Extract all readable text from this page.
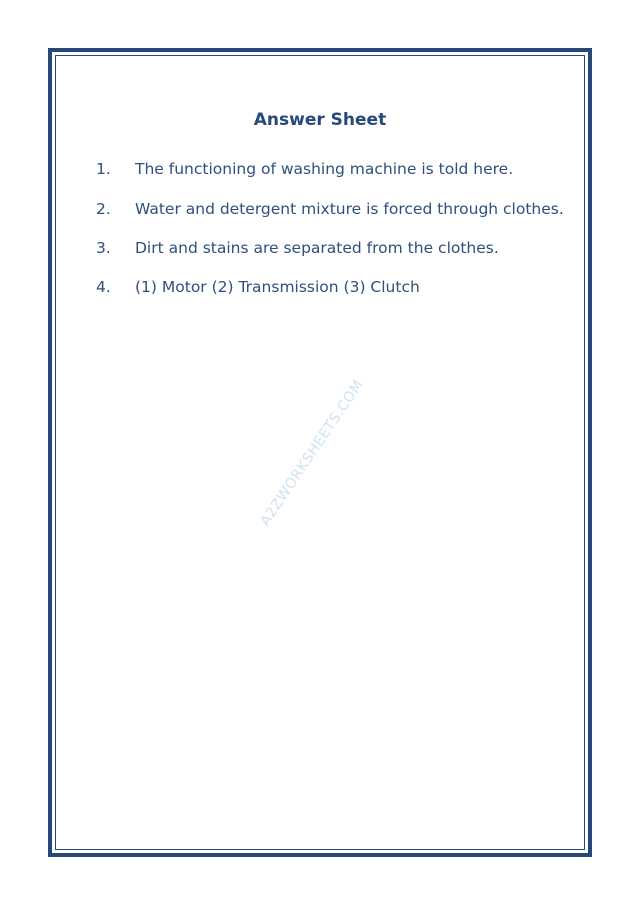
Answer Sheet
1. The functioning of washing machine is told here.
2. Water and detergent mixture is forced through clothes.
3. Dirt and stains are separated from the clothes.
4. (1) Motor (2) Transmission (3) Clutch
A2ZWORKSHEETS.COM
